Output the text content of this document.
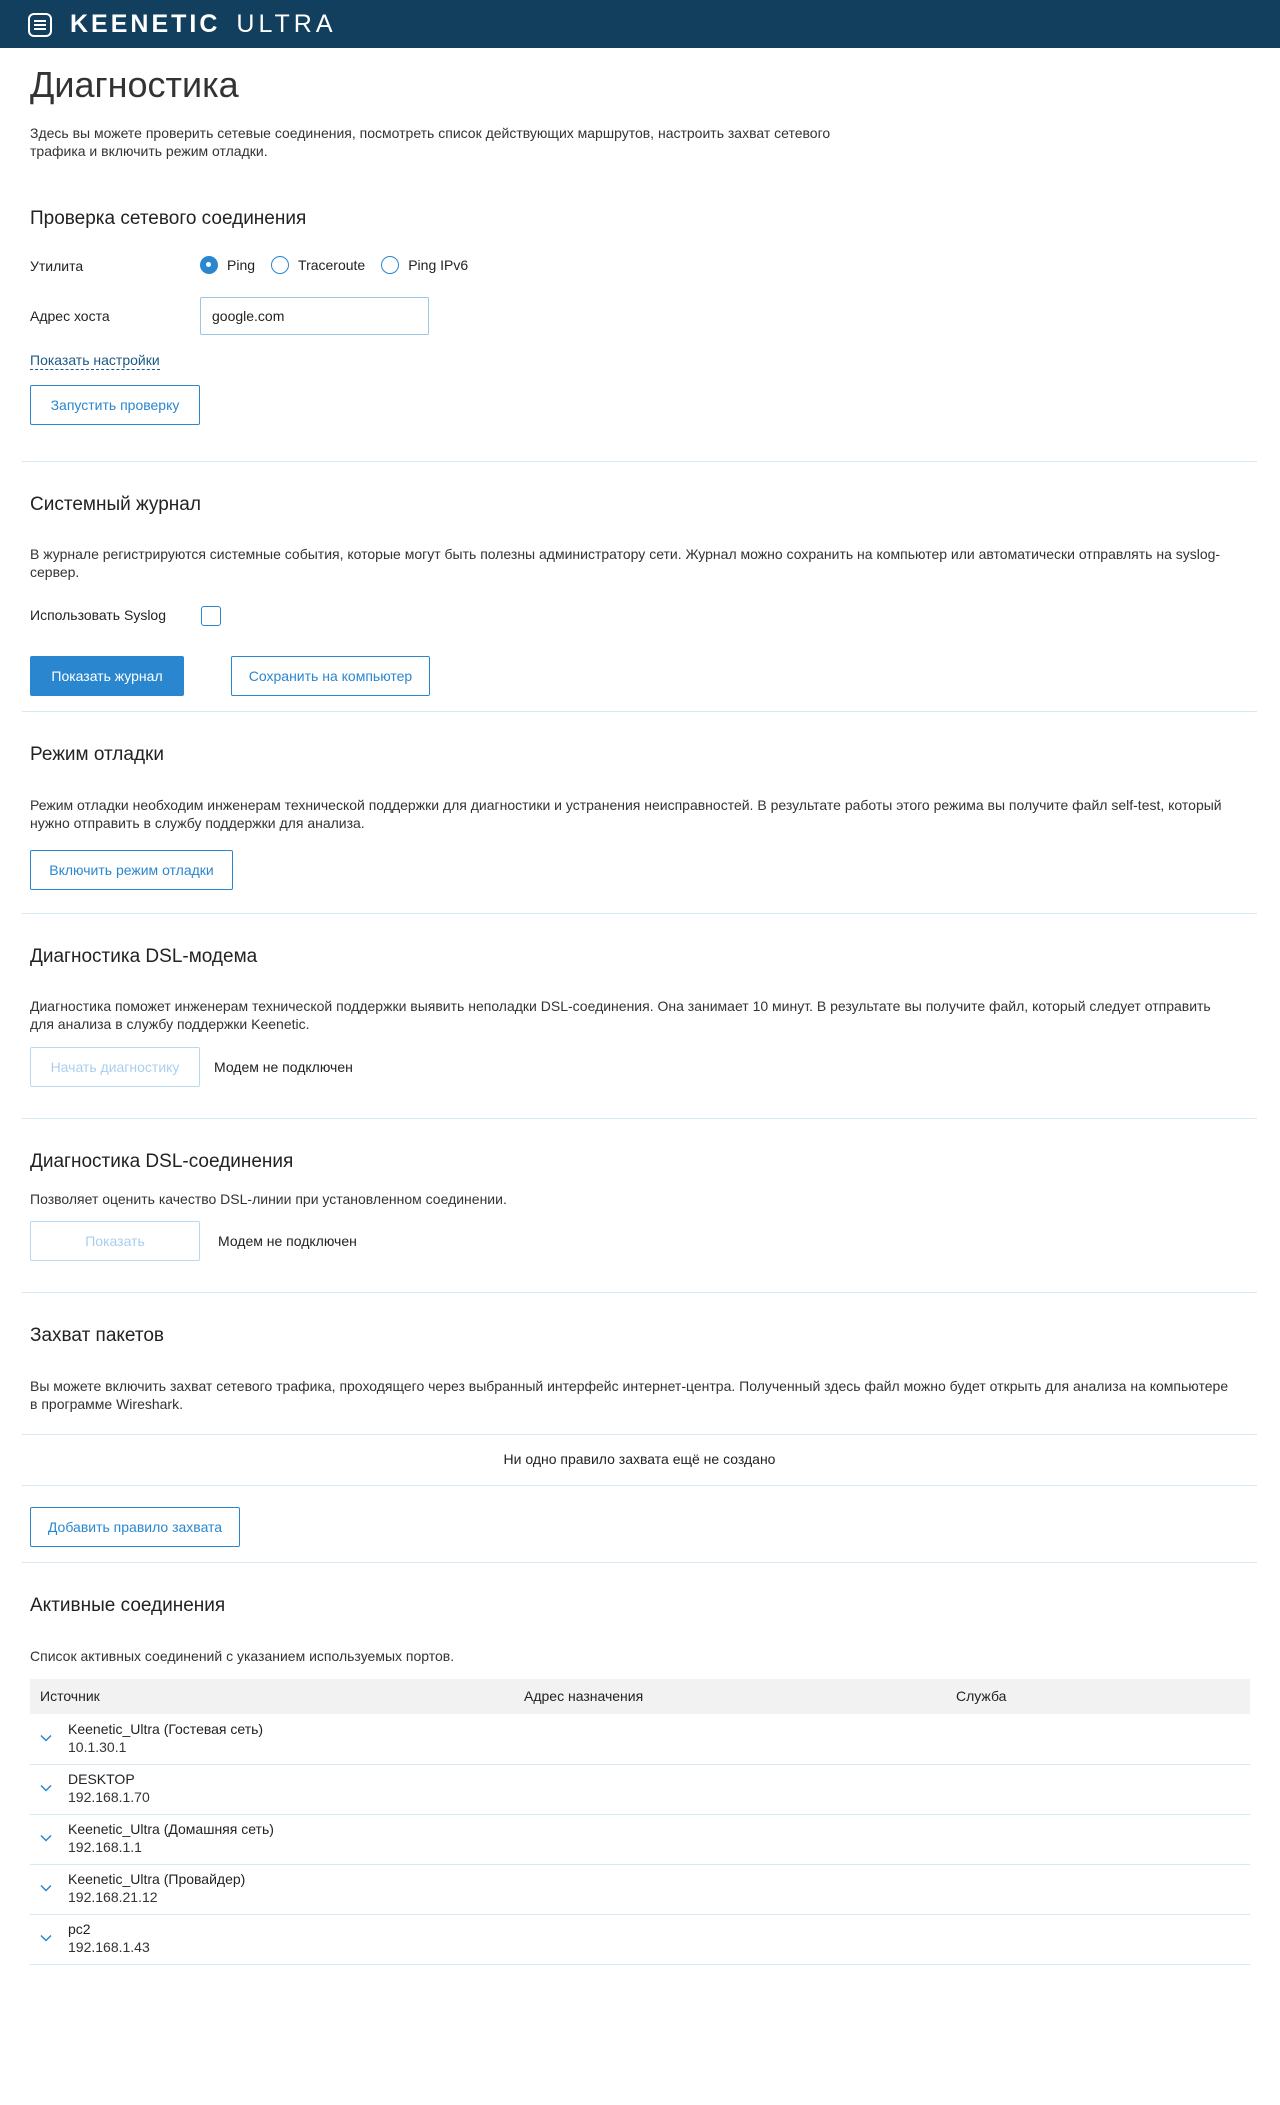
KEENETIC ULTRA
Диагностика
Здесь вы можете проверить сетевые соединения, посмотреть список действующих маршрутов, настроить захват сетевого
трафика и включить режим отладки.
Проверка сетевого соединения
Утилита	Ping	Traceroute	Ping IPv6
Адрес хоста
google.com
Показать настройки
Запустить проверку
Системный журнал
В журнале регистрируются системные события, которые могут быть полезны администратору сети. Журнал можно сохранить на компьютер или автоматически отправлять на syslog-
сервер.
Использовать Syslog
Показать журнал	Сохранить на компьютер
Режим отладки
Режим отладки необходим инженерам технической поддержки для диагностики и устранения неисправностей. В результате работы этого режима вы получите файл self-test, который
нужно отправить в службу поддержки для анализа.
Включить режим отладки
Диагностика DSL-модема
Диагностика поможет инженерам технической поддержки выявить неполадки DSL-соединения. Она занимает 10 минут. В результате вы получите файл, который следует отправить
для анализа в службу поддержки Keenetic.
Начать диагностику	Модем не подключен
Диагностика DSL-соединения
Позволяет оценить качество DSL-линии при установленном соединении.
Показать	Модем не подключен
Захват пакетов
Вы можете включить захват сетевого трафика, проходящего через выбранный интерфейс интернет-центра. Полученный здесь файл можно будет открыть для анализа на компьютере
в программе Wireshark.
Ни одно правило захвата ещё не создано
Добавить правило захвата
Активные соединения
Список активных соединений с указанием используемых портов.
Источник	Адрес назначения	Служба
Keenetic_Ultra (Гостевая сеть)
10.1.30.1
DESKTOP
192.168.1.70
Keenetic_Ultra (Домашняя сеть)
192.168.1.1
Keenetic_Ultra (Провайдер)
192.168.21.12
pc2
192.168.1.43
